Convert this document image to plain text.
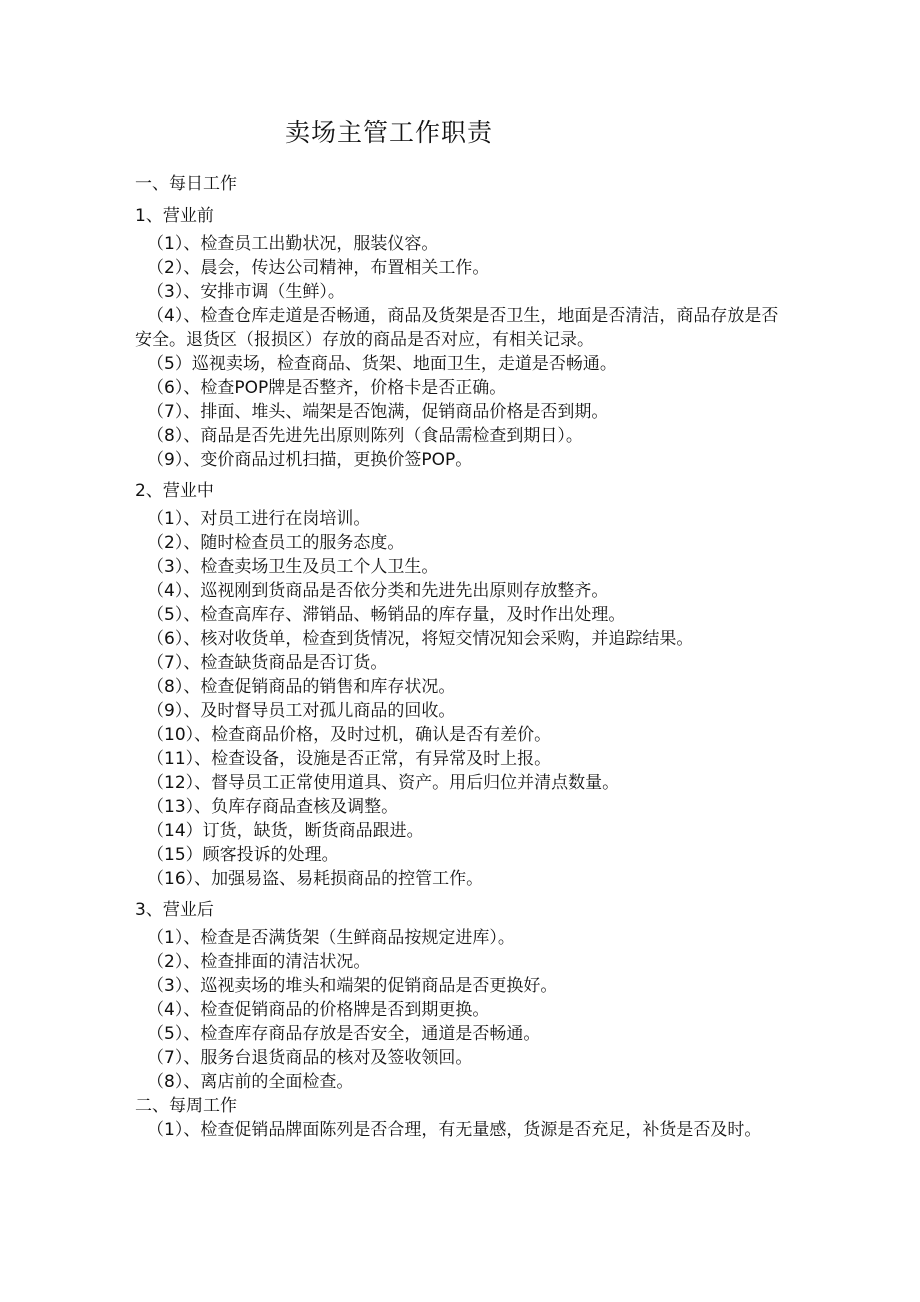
卖场主管工作职责
一、每日工作
1、营业前

（1）、检查员工出勤状况，服装仪容。

（2）、晨会，传达公司精神，布置相关工作。

（3）、安排市调（生鲜）。

（4）、检查仓库走道是否畅通，商品及货架是否卫生，地面是否清洁，商品存放是否安全。退货区（报损区）存放的商品是否对应，有相关记录。

（5）巡视卖场，检查商品、货架、地面卫生，走道是否畅通。

（6）、检查POP牌是否整齐，价格卡是否正确。

（7）、排面、堆头、端架是否饱满，促销商品价格是否到期。

（8）、商品是否先进先出原则陈列（食品需检查到期日）。

（9）、变价商品过机扫描，更换价签POP。

2、营业中

（1）、对员工进行在岗培训。

（2）、随时检查员工的服务态度。

（3）、检查卖场卫生及员工个人卫生。

（4）、巡视刚到货商品是否依分类和先进先出原则存放整齐。

（5）、检查高库存、滞销品、畅销品的库存量，及时作出处理。

（6）、核对收货单，检查到货情况，将短交情况知会采购，并追踪结果。

（7）、检查缺货商品是否订货。

（8）、检查促销商品的销售和库存状况。

（9）、及时督导员工对孤儿商品的回收。

（10）、检查商品价格，及时过机，确认是否有差价。

（11）、检查设备，设施是否正常，有异常及时上报。

（12）、督导员工正常使用道具、资产。用后归位并清点数量。

（13）、负库存商品查核及调整。

（14）订货，缺货，断货商品跟进。

（15）顾客投诉的处理。

（16）、加强易盗、易耗损商品的控管工作。

3、营业后

（1）、检查是否满货架（生鲜商品按规定进库）。

（2）、检查排面的清洁状况。

（3）、巡视卖场的堆头和端架的促销商品是否更换好。

（4）、检查促销商品的价格牌是否到期更换。

（5）、检查库存商品存放是否安全，通道是否畅通。

（7）、服务台退货商品的核对及签收领回。

（8）、离店前的全面检查。

二、每周工作

（1）、检查促销品牌面陈列是否合理，有无量感，货源是否充足，补货是否及时。
